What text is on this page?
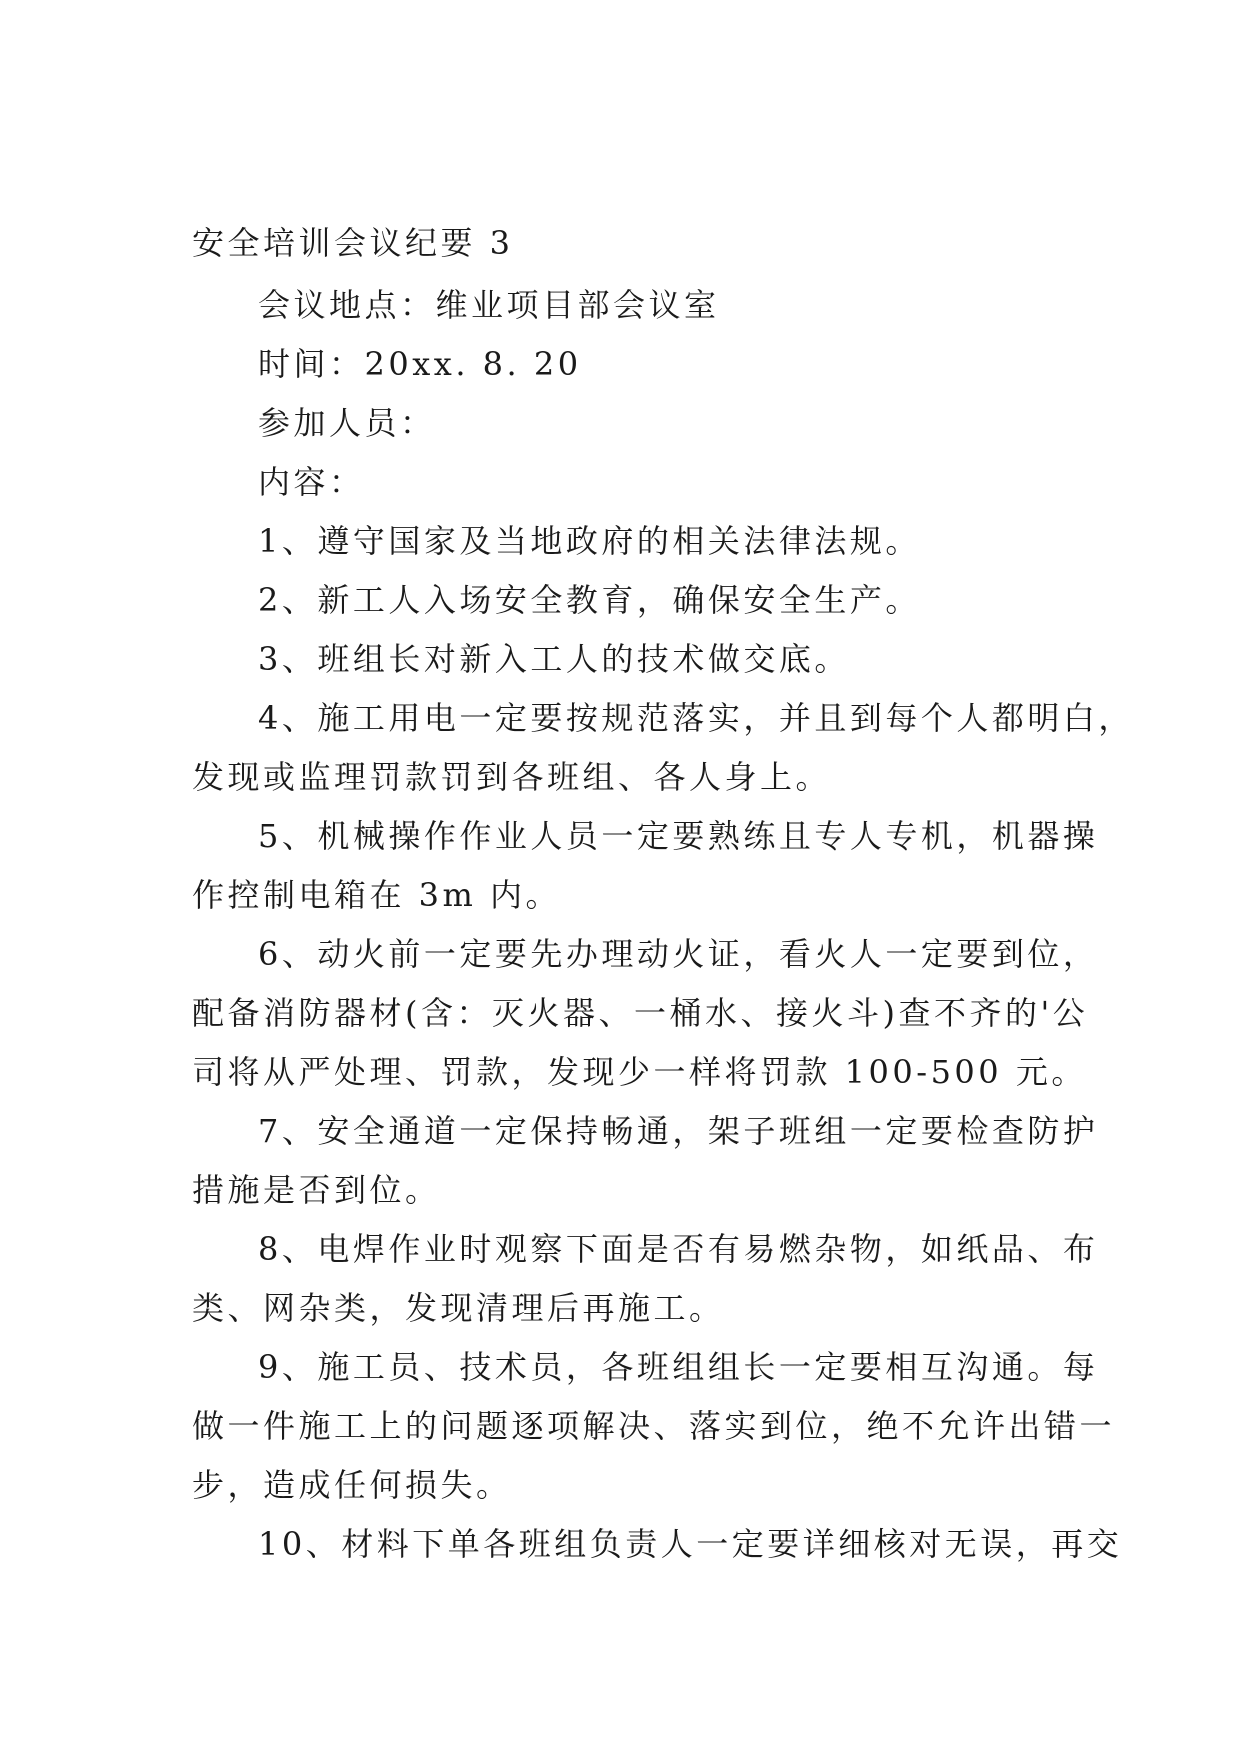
安全培训会议纪要 3

会议地点：维业项目部会议室

时间：20xx. 8. 20

参加人员：

内容：

1、遵守国家及当地政府的相关法律法规。

2、新工人入场安全教育，确保安全生产。

3、班组长对新入工人的技术做交底。

4、施工用电一定要按规范落实，并且到每个人都明白，

发现或监理罚款罚到各班组、各人身上。

5、机械操作作业人员一定要熟练且专人专机，机器操

作控制电箱在 3m 内。

6、动火前一定要先办理动火证，看火人一定要到位，

配备消防器材(含：灭火器、一桶水、接火斗)查不齐的'公

司将从严处理、罚款，发现少一样将罚款 100-500 元。

7、安全通道一定保持畅通，架子班组一定要检查防护

措施是否到位。

8、电焊作业时观察下面是否有易燃杂物，如纸品、布

类、网杂类，发现清理后再施工。

9、施工员、技术员，各班组组长一定要相互沟通。每

做一件施工上的问题逐项解决、落实到位，绝不允许出错一

步，造成任何损失。

10、材料下单各班组负责人一定要详细核对无误，再交
